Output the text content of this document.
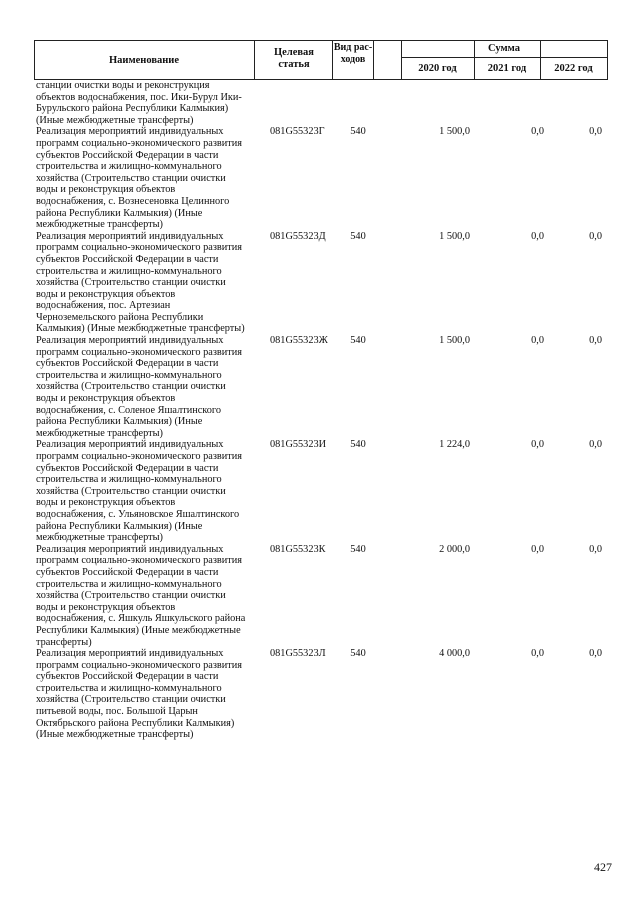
Наименование
Целевая статья
Вид рас-ходов
Сумма
2020 год	2021 год	2022 год
станции очистки воды и реконструкция объектов водоснабжения, пос. Ики-Бурул Ики-Бурульского района Республики Калмыкия) (Иные межбюджетные трансферты)
Реализация мероприятий индивидуальных программ социально-экономического развития субъектов Российской Федерации в части строительства и жилищно-коммунального хозяйства (Строительство станции очистки воды и реконструкция объектов водоснабжения, с. Вознесеновка Целинного района Республики Калмыкия) (Иные межбюджетные трансферты)
081G55323Г	540	1 500,0	0,0	0,0
Реализация мероприятий индивидуальных программ социально-экономического развития субъектов Российской Федерации в части строительства и жилищно-коммунального хозяйства (Строительство станции очистки воды и реконструкция объектов водоснабжения, пос. Артезиан Черноземельского района Республики Калмыкия) (Иные межбюджетные трансферты)
081G55323Д	540	1 500,0	0,0	0,0
Реализация мероприятий индивидуальных программ социально-экономического развития субъектов Российской Федерации в части строительства и жилищно-коммунального хозяйства (Строительство станции очистки воды и реконструкция объектов водоснабжения, с. Соленое Яшалтинского района Республики Калмыкия) (Иные межбюджетные трансферты)
081G55323Ж	540	1 500,0	0,0	0,0
Реализация мероприятий индивидуальных программ социально-экономического развития субъектов Российской Федерации в части строительства и жилищно-коммунального хозяйства (Строительство станции очистки воды и реконструкция объектов водоснабжения, с. Ульяновское Яшалтинского района Республики Калмыкия) (Иные межбюджетные трансферты)
081G55323И	540	1 224,0	0,0	0,0
Реализация мероприятий индивидуальных программ социально-экономического развития субъектов Российской Федерации в части строительства и жилищно-коммунального хозяйства (Строительство станции очистки воды и реконструкция объектов водоснабжения, с. Яшкуль Яшкульского района Республики Калмыкия) (Иные межбюджетные трансферты)
081G55323К	540	2 000,0	0,0	0,0
Реализация мероприятий индивидуальных программ социально-экономического развития субъектов Российской Федерации в части строительства и жилищно-коммунального хозяйства (Строительство станции очистки питьевой воды, пос. Большой Царын Октябрьского района Республики Калмыкия) (Иные межбюджетные трансферты)
081G55323Л	540	4 000,0	0,0	0,0
427
